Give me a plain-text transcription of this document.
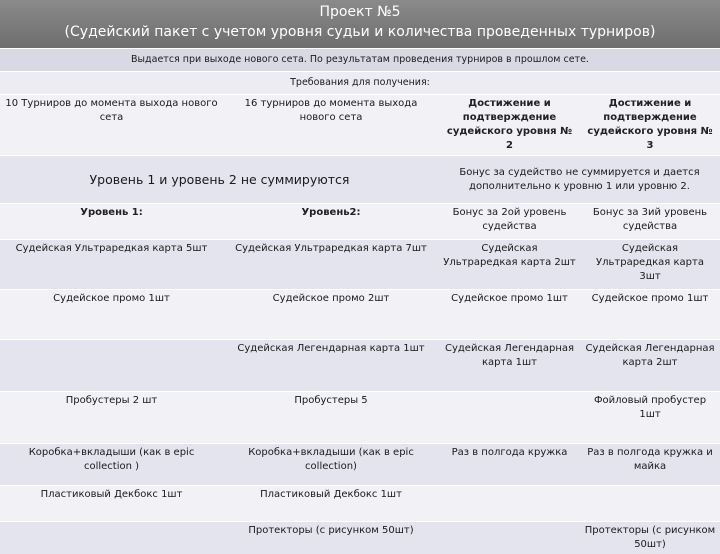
Проект №5
(Судейский пакет с учетом уровня судьи и количества проведенных турниров)
Выдается при выходе нового сета. По результатам проведения турниров в прошлом сете.
Требования для получения:
10 Турниров до момента выхода нового сета	16 турниров до момента выхода нового сета	Достижение и подтверждение судейского уровня № 2	Достижение и подтверждение судейского уровня № 3
Уровень 1 и уровень 2 не суммируются		Бонус за судейство не суммируется и дается дополнительно к уровню 1 или уровню 2.	
Уровень 1:	Уровень2:	Бонус за 2ой уровень судейства	Бонус за 3ий уровень судейства
Судейская Ультраредкая карта 5шт	Судейская Ультраредкая карта 7шт	Судейская Ультраредкая карта 2шт	Судейская Ультраредкая карта 3шт
Судейское промо 1шт	Судейское промо 2шт	Судейское промо 1шт	Судейское промо 1шт
	Судейская Легендарная карта 1шт	Судейская Легендарная карта 1шт	Судейская Легендарная карта 2шт
Пробустеры 2 шт	Пробустеры 5		Фойловый пробустер 1шт
Коробка+вкладыши (как в epic collection )	Коробка+вкладыши (как в epic collection)	Раз в полгода кружка	Раз в полгода кружка и майка
Пластиковый Декбокс 1шт	Пластиковый Декбокс 1шт		
	Протекторы (с рисунком 50шт)		Протекторы (с рисунком 50шт)
